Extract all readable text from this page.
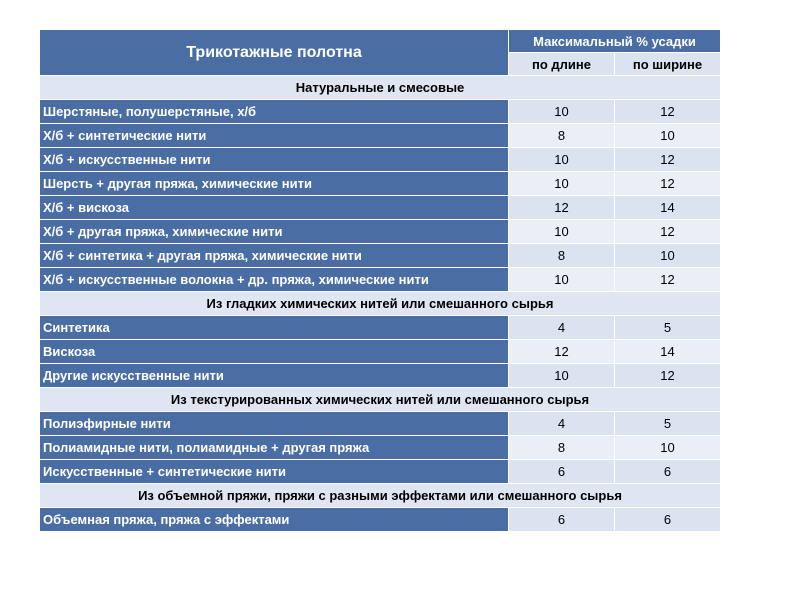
Трикотажные полотна	Максимальный % усадки	
	по длине	по ширине
Натуральные и смесовые		
Шерстяные, полушерстяные, х/б	10	12
Х/б + синтетические нити	8	10
Х/б + искусственные нити	10	12
Шерсть + другая пряжа, химические нити	10	12
Х/б + вискоза	12	14
Х/б + другая пряжа, химические нити	10	12
Х/б + синтетика + другая пряжа, химические нити	8	10
Х/б + искусственные волокна + др. пряжа, химические нити	10	12
Из гладких химических нитей или смешанного сырья		
Синтетика	4	5
Вискоза	12	14
Другие искусственные нити	10	12
Из текстурированных химических нитей или смешанного сырья		
Полиэфирные нити	4	5
Полиамидные нити, полиамидные + другая пряжа	8	10
Искусственные + синтетические нити	6	6
Из объемной пряжи, пряжи с разными эффектами или смешанного сырья		
Объемная пряжа, пряжа с эффектами	6	6
